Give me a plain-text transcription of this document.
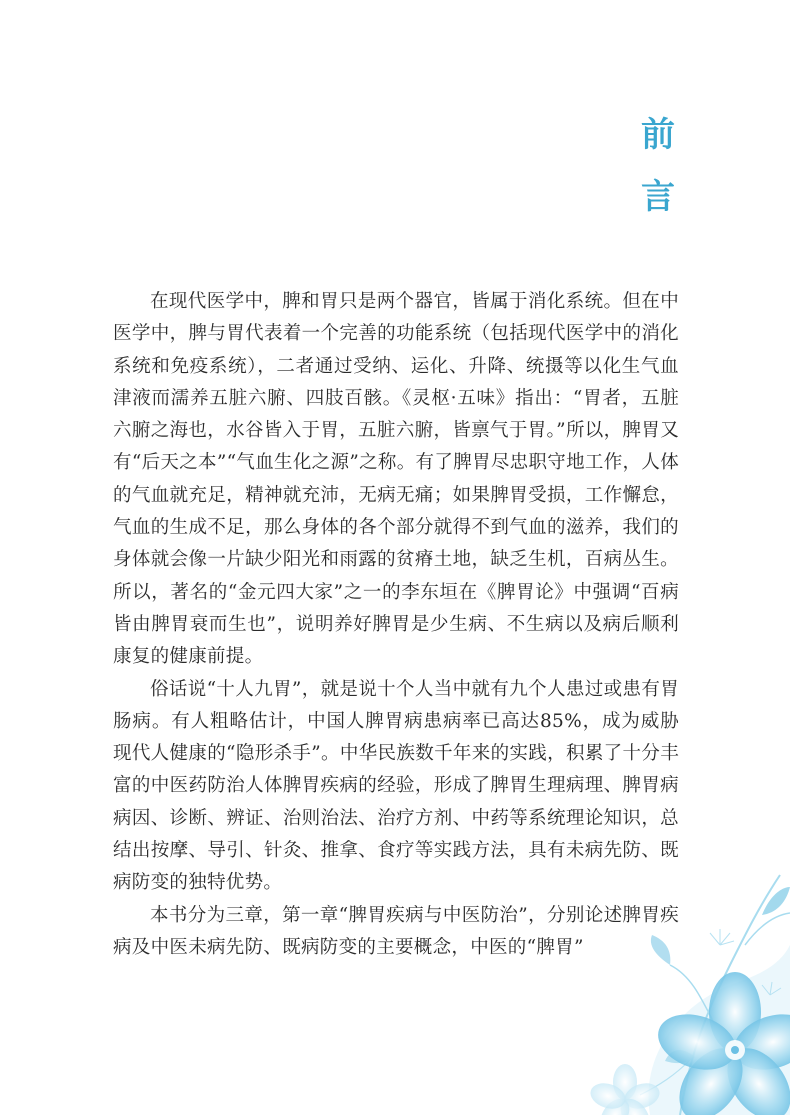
前
言

在现代医学中，脾和胃只是两个器官，皆属于消化系统。但在中医学中，脾与胃代表着一个完善的功能系统（包括现代医学中的消化系统和免疫系统），二者通过受纳、运化、升降、统摄等以化生气血津液而濡养五脏六腑、四肢百骸。《灵枢·五味》指出：“胃者，五脏六腑之海也，水谷皆入于胃，五脏六腑，皆禀气于胃。”所以，脾胃又有“后天之本”“气血生化之源”之称。有了脾胃尽忠职守地工作，人体的气血就充足，精神就充沛，无病无痛；如果脾胃受损，工作懈怠，气血的生成不足，那么身体的各个部分就得不到气血的滋养，我们的身体就会像一片缺少阳光和雨露的贫瘠土地，缺乏生机，百病丛生。所以，著名的“金元四大家”之一的李东垣在《脾胃论》中强调“百病皆由脾胃衰而生也”，说明养好脾胃是少生病、不生病以及病后顺利康复的健康前提。

俗话说“十人九胃”，就是说十个人当中就有九个人患过或患有胃肠病。有人粗略估计，中国人脾胃病患病率已高达85%，成为威胁现代人健康的“隐形杀手”。中华民族数千年来的实践，积累了十分丰富的中医药防治人体脾胃疾病的经验，形成了脾胃生理病理、脾胃病病因、诊断、辨证、治则治法、治疗方剂、中药等系统理论知识，总结出按摩、导引、针灸、推拿、食疗等实践方法，具有未病先防、既病防变的独特优势。

本书分为三章，第一章“脾胃疾病与中医防治”，分别论述脾胃疾病及中医未病先防、既病防变的主要概念，中医的“脾胃”
